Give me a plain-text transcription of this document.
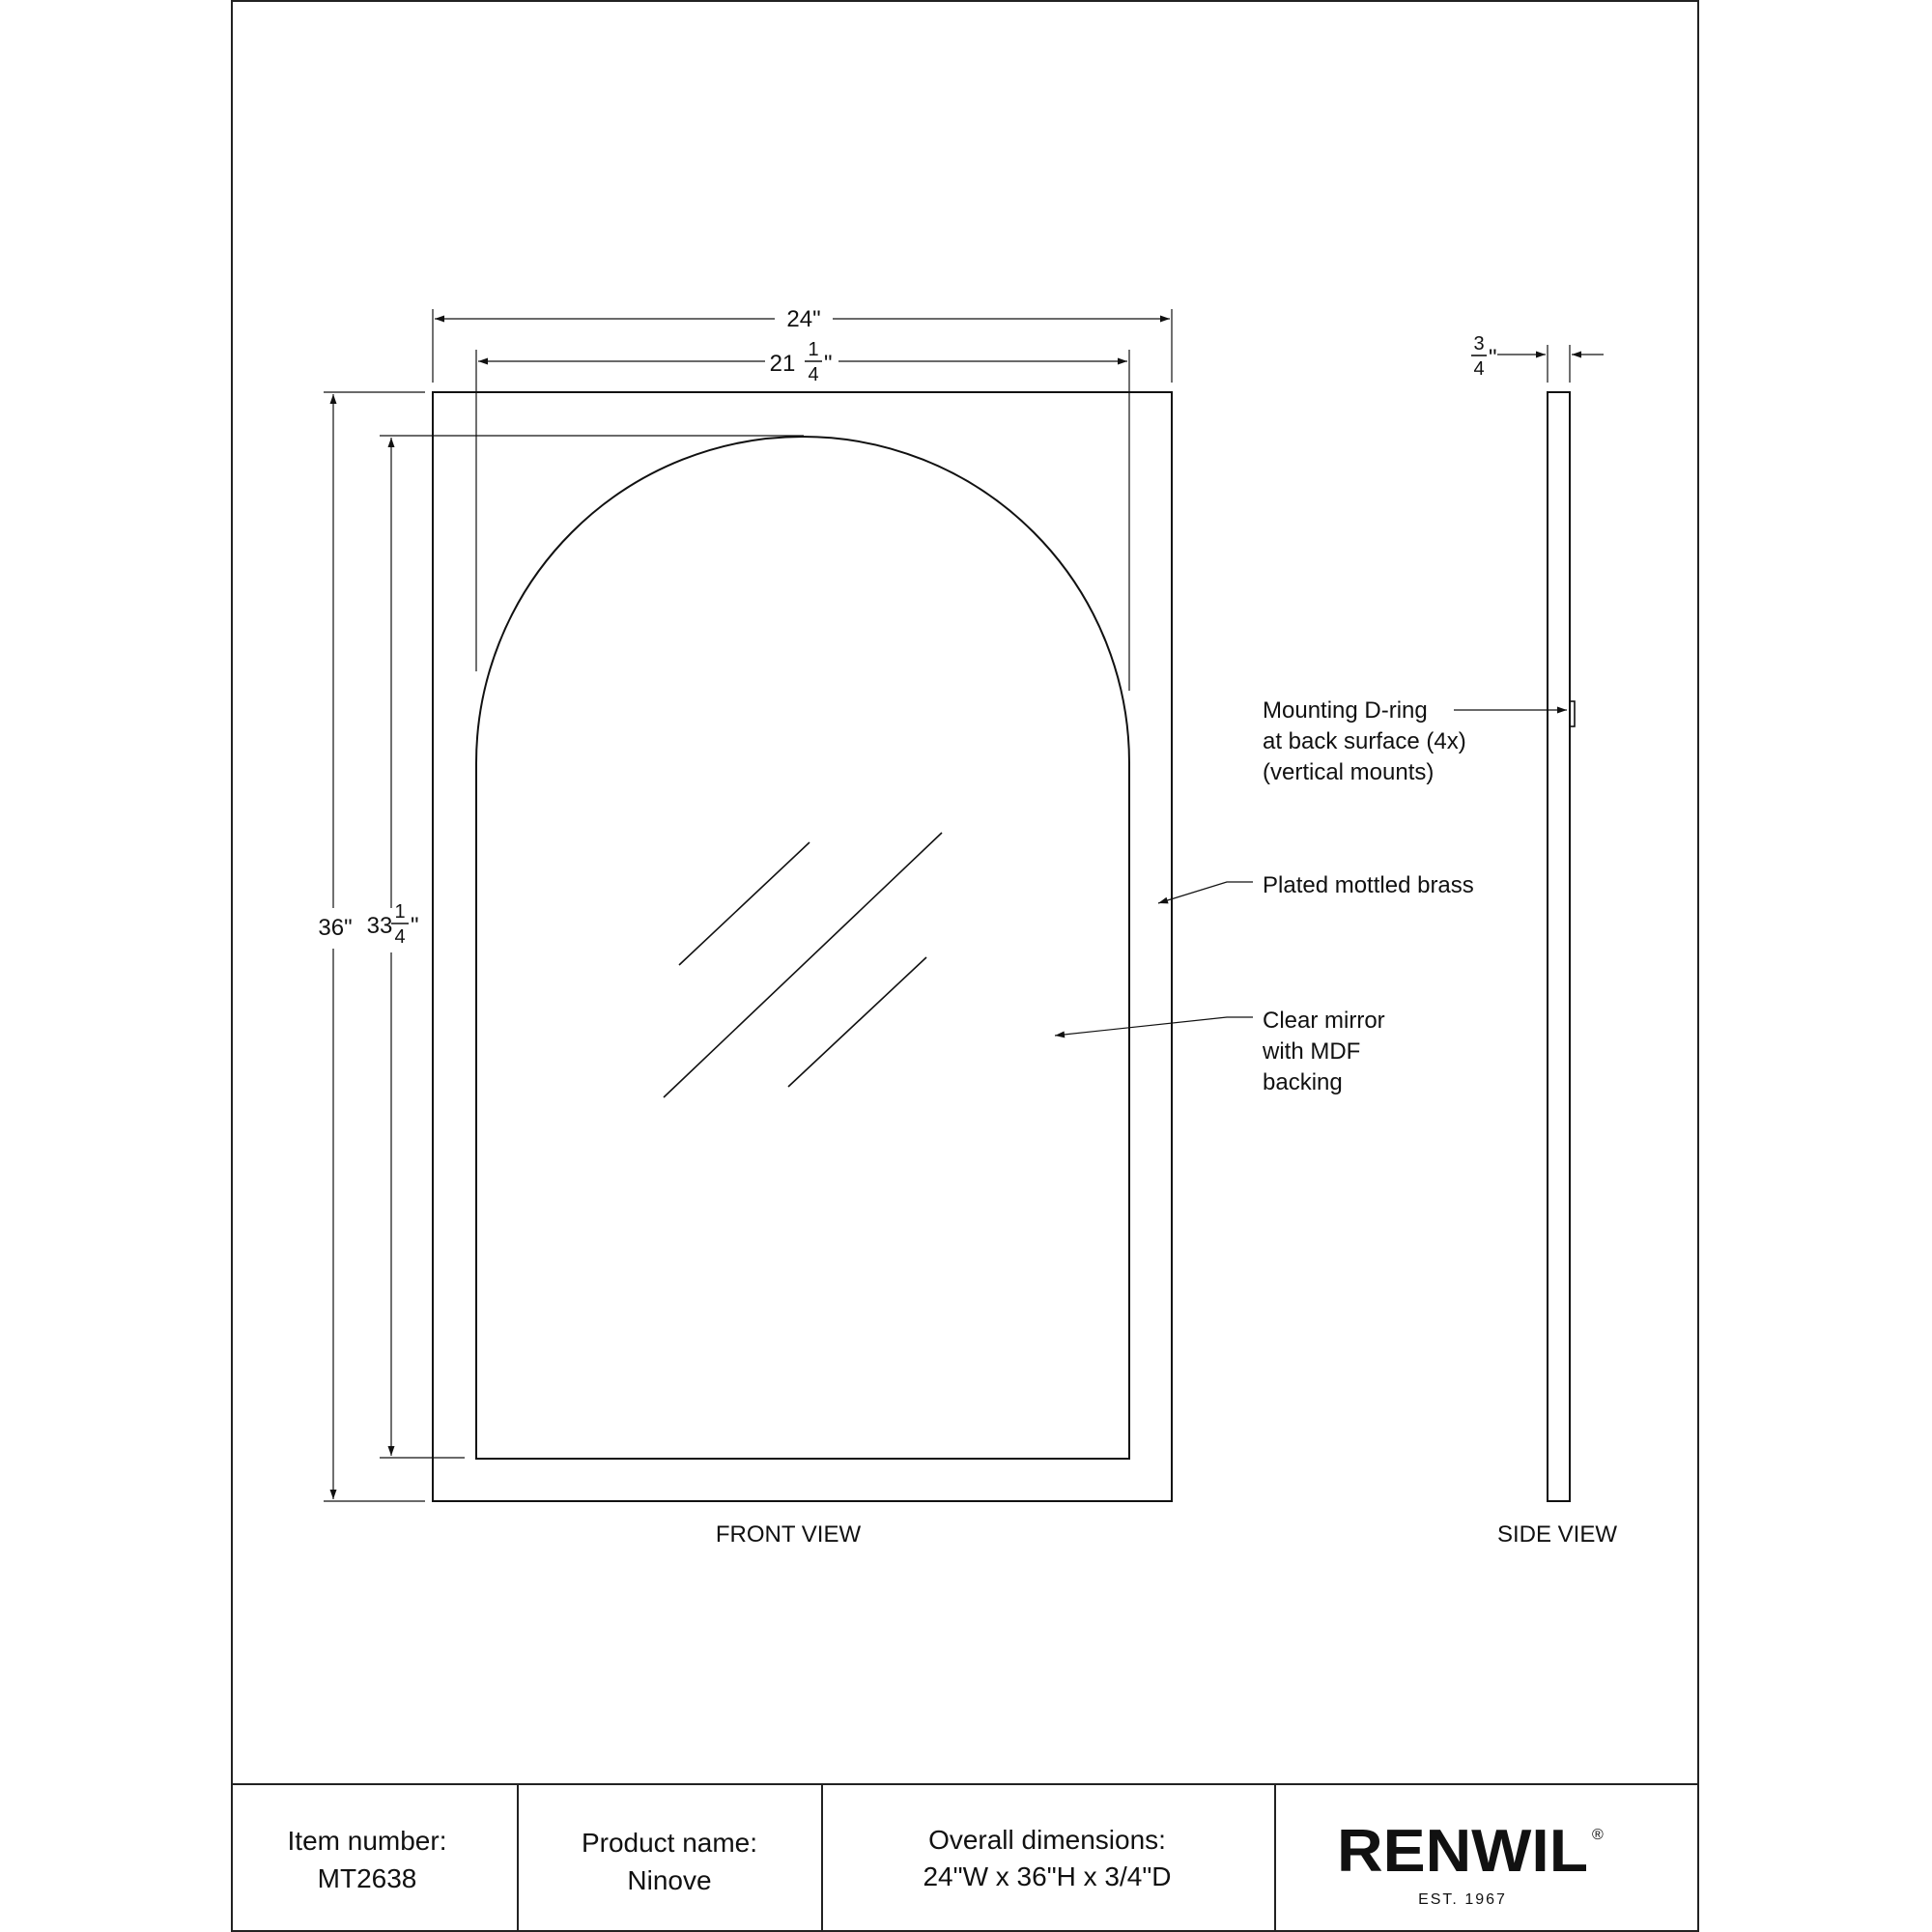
24"
21
1
4 "
36" 33
1
4 "
FRONT VIEW
3
4 "
SIDE VIEW
Mounting D-ring
at back surface (4x)
(vertical mounts)
Plated mottled brass
Clear mirror
with MDF
backing
Item number:
MT2638
Product name:
Ninove
Overall dimensions:
24"W x 36"H x 3/4"D	RENWIL ®
EST. 1967
